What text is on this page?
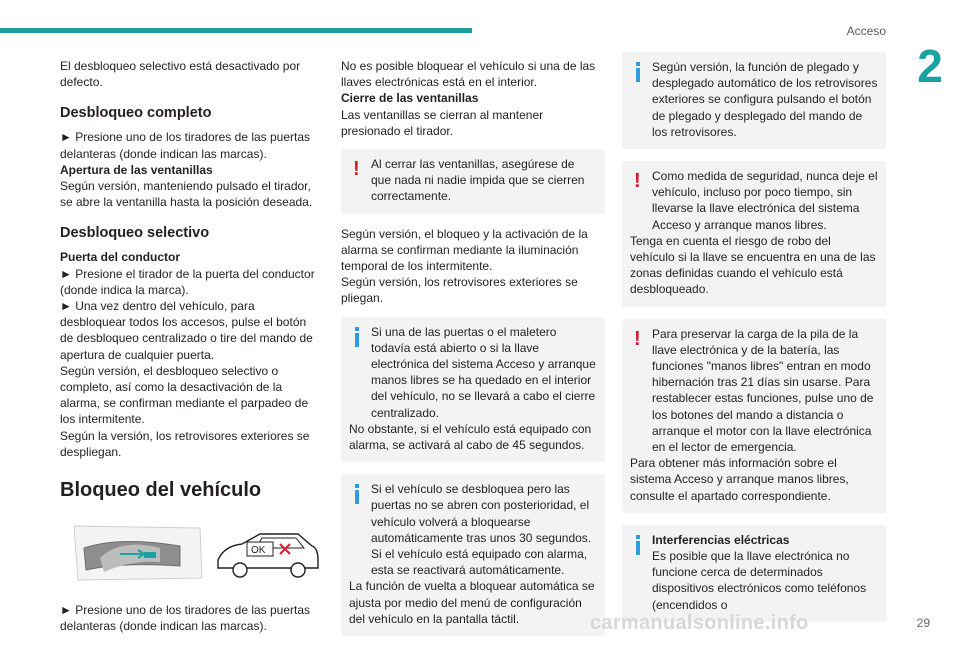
Acceso
2

El desbloqueo selectivo está desactivado por defecto.

Desbloqueo completo

► Presione uno de los tiradores de las puertas delanteras (donde indican las marcas).

Apertura de las ventanillas

Según versión, manteniendo pulsado el tirador, se abre la ventanilla hasta la posición deseada.

Desbloqueo selectivo

Puerta del conductor

► Presione el tirador de la puerta del conductor (donde indica la marca).

► Una vez dentro del vehículo, para desbloquear todos los accesos, pulse el botón de desbloqueo centralizado o tire del mando de apertura de cualquier puerta.

Según versión, el desbloqueo selectivo o completo, así como la desactivación de la alarma, se confirman mediante el parpadeo de los intermitente.

Según la versión, los retrovisores exteriores se despliegan.

Bloqueo del vehículo
OK

► Presione uno de los tiradores de las puertas delanteras (donde indican las marcas).

No es posible bloquear el vehículo si una de las llaves electrónicas está en el interior.

Cierre de las ventanillas

Las ventanillas se cierran al mantener presionado el tirador.

! Al cerrar las ventanillas, asegúrese de que nada ni nadie impida que se cierren correctamente.

Según versión, el bloqueo y la activación de la alarma se confirman mediante la iluminación temporal de los intermitente.

Según versión, los retrovisores exteriores se pliegan.

Si una de las puertas o el maletero todavía está abierto o si la llave electrónica del sistema Acceso y arranque manos libres se ha quedado en el interior del vehículo, no se llevará a cabo el cierre centralizado.

No obstante, si el vehículo está equipado con alarma, se activará al cabo de 45 segundos.

Si el vehículo se desbloquea pero las puertas no se abren con posterioridad, el vehículo volverá a bloquearse automáticamente tras unos 30 segundos. Si el vehículo está equipado con alarma, esta se reactivará automáticamente.

La función de vuelta a bloquear automática se ajusta por medio del menú de configuración del vehículo en la pantalla táctil.

Según versión, la función de plegado y desplegado automático de los retrovisores exteriores se configura pulsando el botón de plegado y desplegado del mando de los retrovisores.

! Como medida de seguridad, nunca deje el vehículo, incluso por poco tiempo, sin llevarse la llave electrónica del sistema Acceso y arranque manos libres.

Tenga en cuenta el riesgo de robo del vehículo si la llave se encuentra en una de las zonas definidas cuando el vehículo está desbloqueado.

! Para preservar la carga de la pila de la llave electrónica y de la batería, las funciones "manos libres" entran en modo hibernación tras 21 días sin usarse. Para restablecer estas funciones, pulse uno de los botones del mando a distancia o arranque el motor con la llave electrónica en el lector de emergencia.

Para obtener más información sobre el sistema Acceso y arranque manos libres, consulte el apartado correspondiente.

Interferencias eléctricas

Es posible que la llave electrónica no funcione cerca de determinados dispositivos electrónicos como teléfonos (encendidos o

carmanualsonline.info	29
